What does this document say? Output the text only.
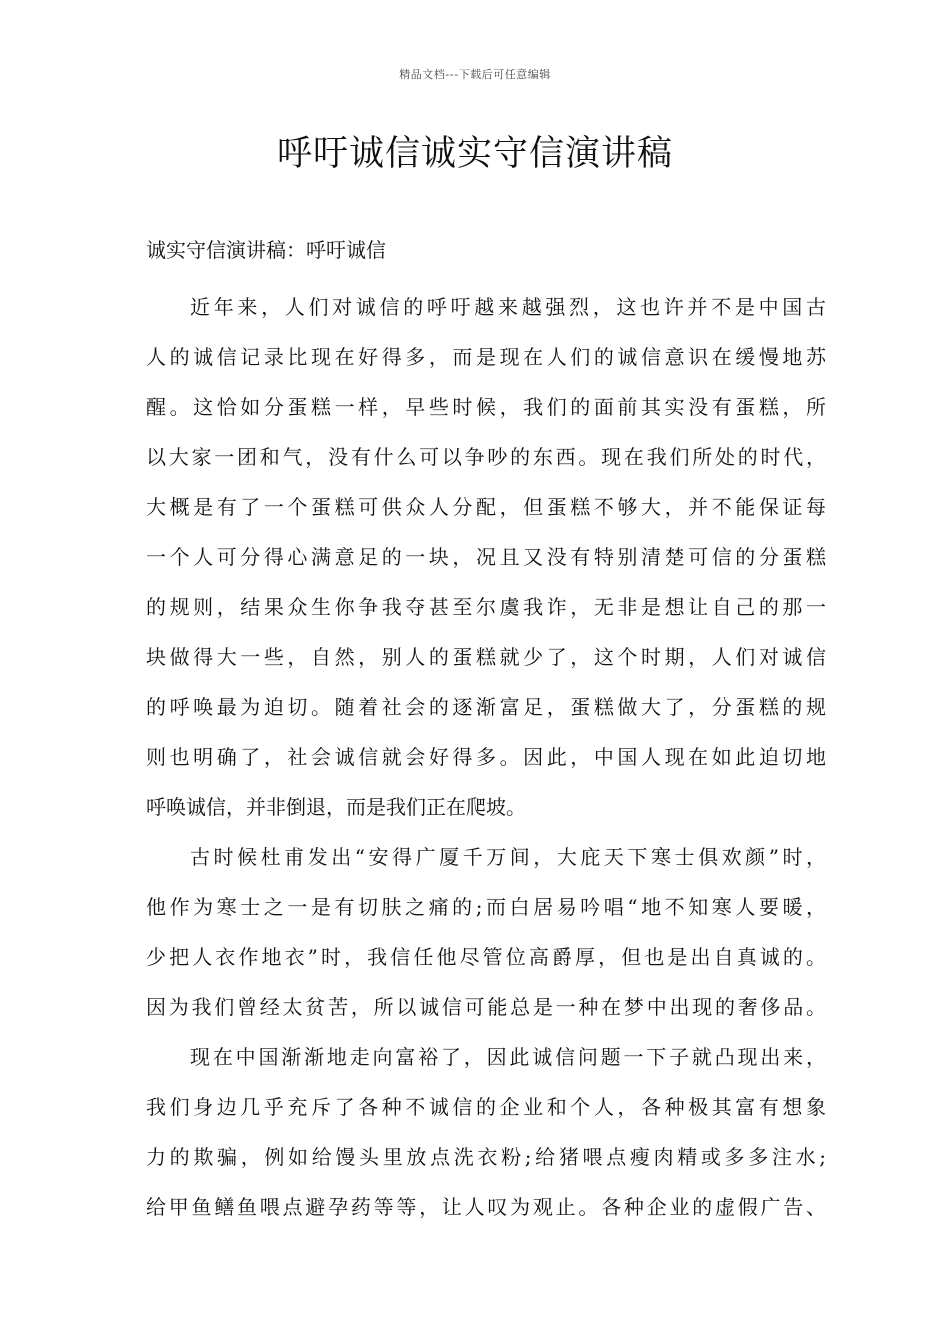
精品文档---下载后可任意编辑
呼吁诚信诚实守信演讲稿
诚实守信演讲稿：呼吁诚信
近年来，人们对诚信的呼吁越来越强烈，这也许并不是中国古
人的诚信记录比现在好得多，而是现在人们的诚信意识在缓慢地苏
醒。这恰如分蛋糕一样，早些时候，我们的面前其实没有蛋糕，所
以大家一团和气，没有什么可以争吵的东西。现在我们所处的时代，
大概是有了一个蛋糕可供众人分配，但蛋糕不够大，并不能保证每
一个人可分得心满意足的一块，况且又没有特别清楚可信的分蛋糕
的规则，结果众生你争我夺甚至尔虞我诈，无非是想让自己的那一
块做得大一些，自然，别人的蛋糕就少了，这个时期，人们对诚信
的呼唤最为迫切。随着社会的逐渐富足，蛋糕做大了，分蛋糕的规
则也明确了，社会诚信就会好得多。因此，中国人现在如此迫切地
呼唤诚信，并非倒退，而是我们正在爬坡。
古时候杜甫发出“安得广厦千万间，大庇天下寒士俱欢颜”时，
他作为寒士之一是有切肤之痛的;而白居易吟唱“地不知寒人要暖，
少把人衣作地衣”时，我信任他尽管位高爵厚，但也是出自真诚的。
因为我们曾经太贫苦，所以诚信可能总是一种在梦中出现的奢侈品。
现在中国渐渐地走向富裕了，因此诚信问题一下子就凸现出来，
我们身边几乎充斥了各种不诚信的企业和个人，各种极其富有想象
力的欺骗，例如给馒头里放点洗衣粉;给猪喂点瘦肉精或多多注水;
给甲鱼鳝鱼喂点避孕药等等，让人叹为观止。各种企业的虚假广告、
